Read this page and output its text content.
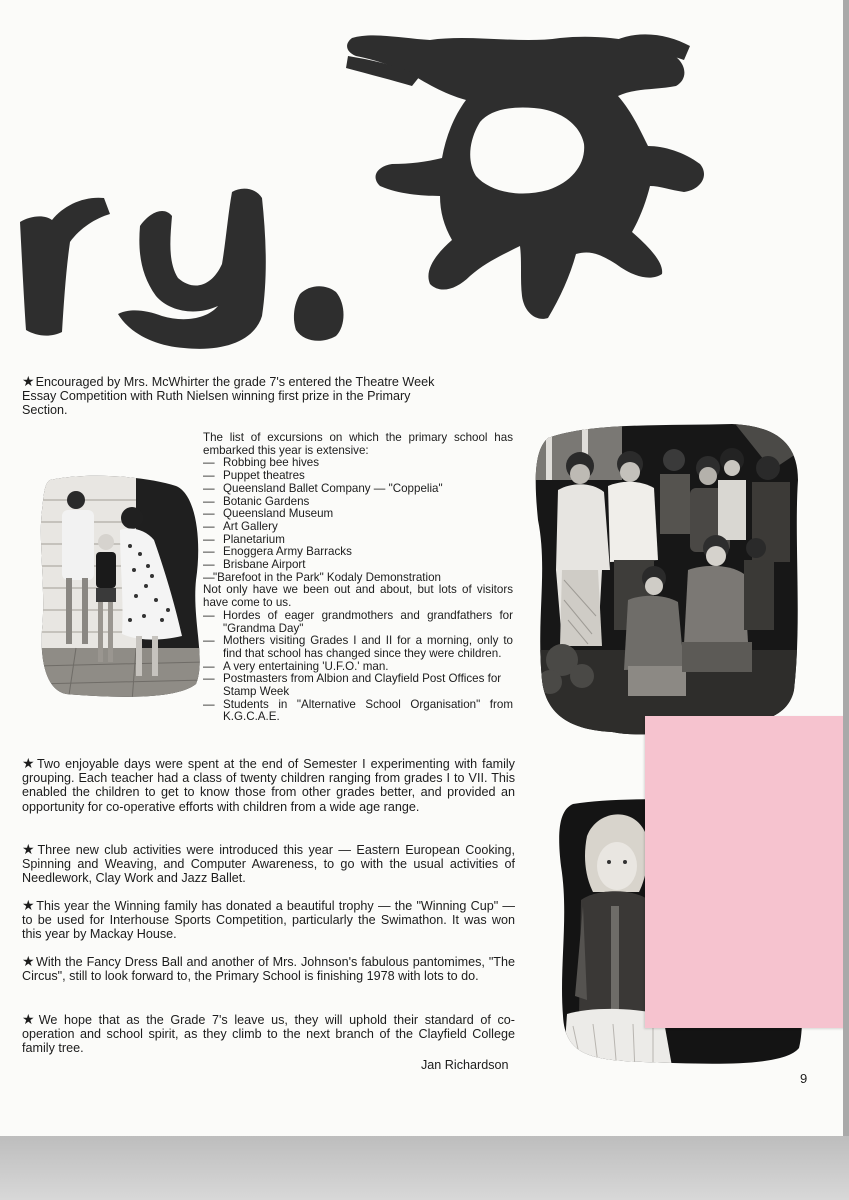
★Encouraged by Mrs. McWhirter the grade 7's entered the Theatre Week Essay Competition with Ruth Nielsen winning first prize in the Primary Section.

The list of excursions on which the primary school has embarked this year is extensive:
— Robbing bee hives
— Puppet theatres
— Queensland Ballet Company — "Coppelia"
— Botanic Gardens
— Queensland Museum
— Art Gallery
— Planetarium
— Enoggera Army Barracks
— Brisbane Airport
—
"Barefoot in the Park" Kodaly Demonstration
Not only have we been out and about, but lots of visitors have come to us.
— Hordes of eager grandmothers and grandfathers for "Grandma Day"
— Mothers visiting Grades I and II for a morning, only to find that school has changed since they were children.
— A very entertaining 'U.F.O.' man.
— Postmasters from Albion and Clayfield Post Offices for Stamp Week
— Students in "Alternative School Organisation" from K.G.C.A.E.

★Two enjoyable days were spent at the end of Semester I experimenting with family grouping. Each teacher had a class of twenty children ranging from grades I to VII. This enabled the children to get to know those from other grades better, and provided an opportunity for co-operative efforts with children from a wide age range.

★Three new club activities were introduced this year — Eastern European Cooking, Spinning and Weaving, and Computer Awareness, to go with the usual activities of Needlework, Clay Work and Jazz Ballet.

★This year the Winning family has donated a beautiful trophy — the "Winning Cup" — to be used for Interhouse Sports Competition, particularly the Swimathon. It was won this year by Mackay House.

★With the Fancy Dress Ball and another of Mrs. Johnson's fabulous pantomimes, "The Circus", still to look forward to, the Primary School is finishing 1978 with lots to do.

★We hope that as the Grade 7's leave us, they will uphold their standard of co-operation and school spirit, as they climb to the next branch of the Clayfield College family tree.

Jan Richardson
9
